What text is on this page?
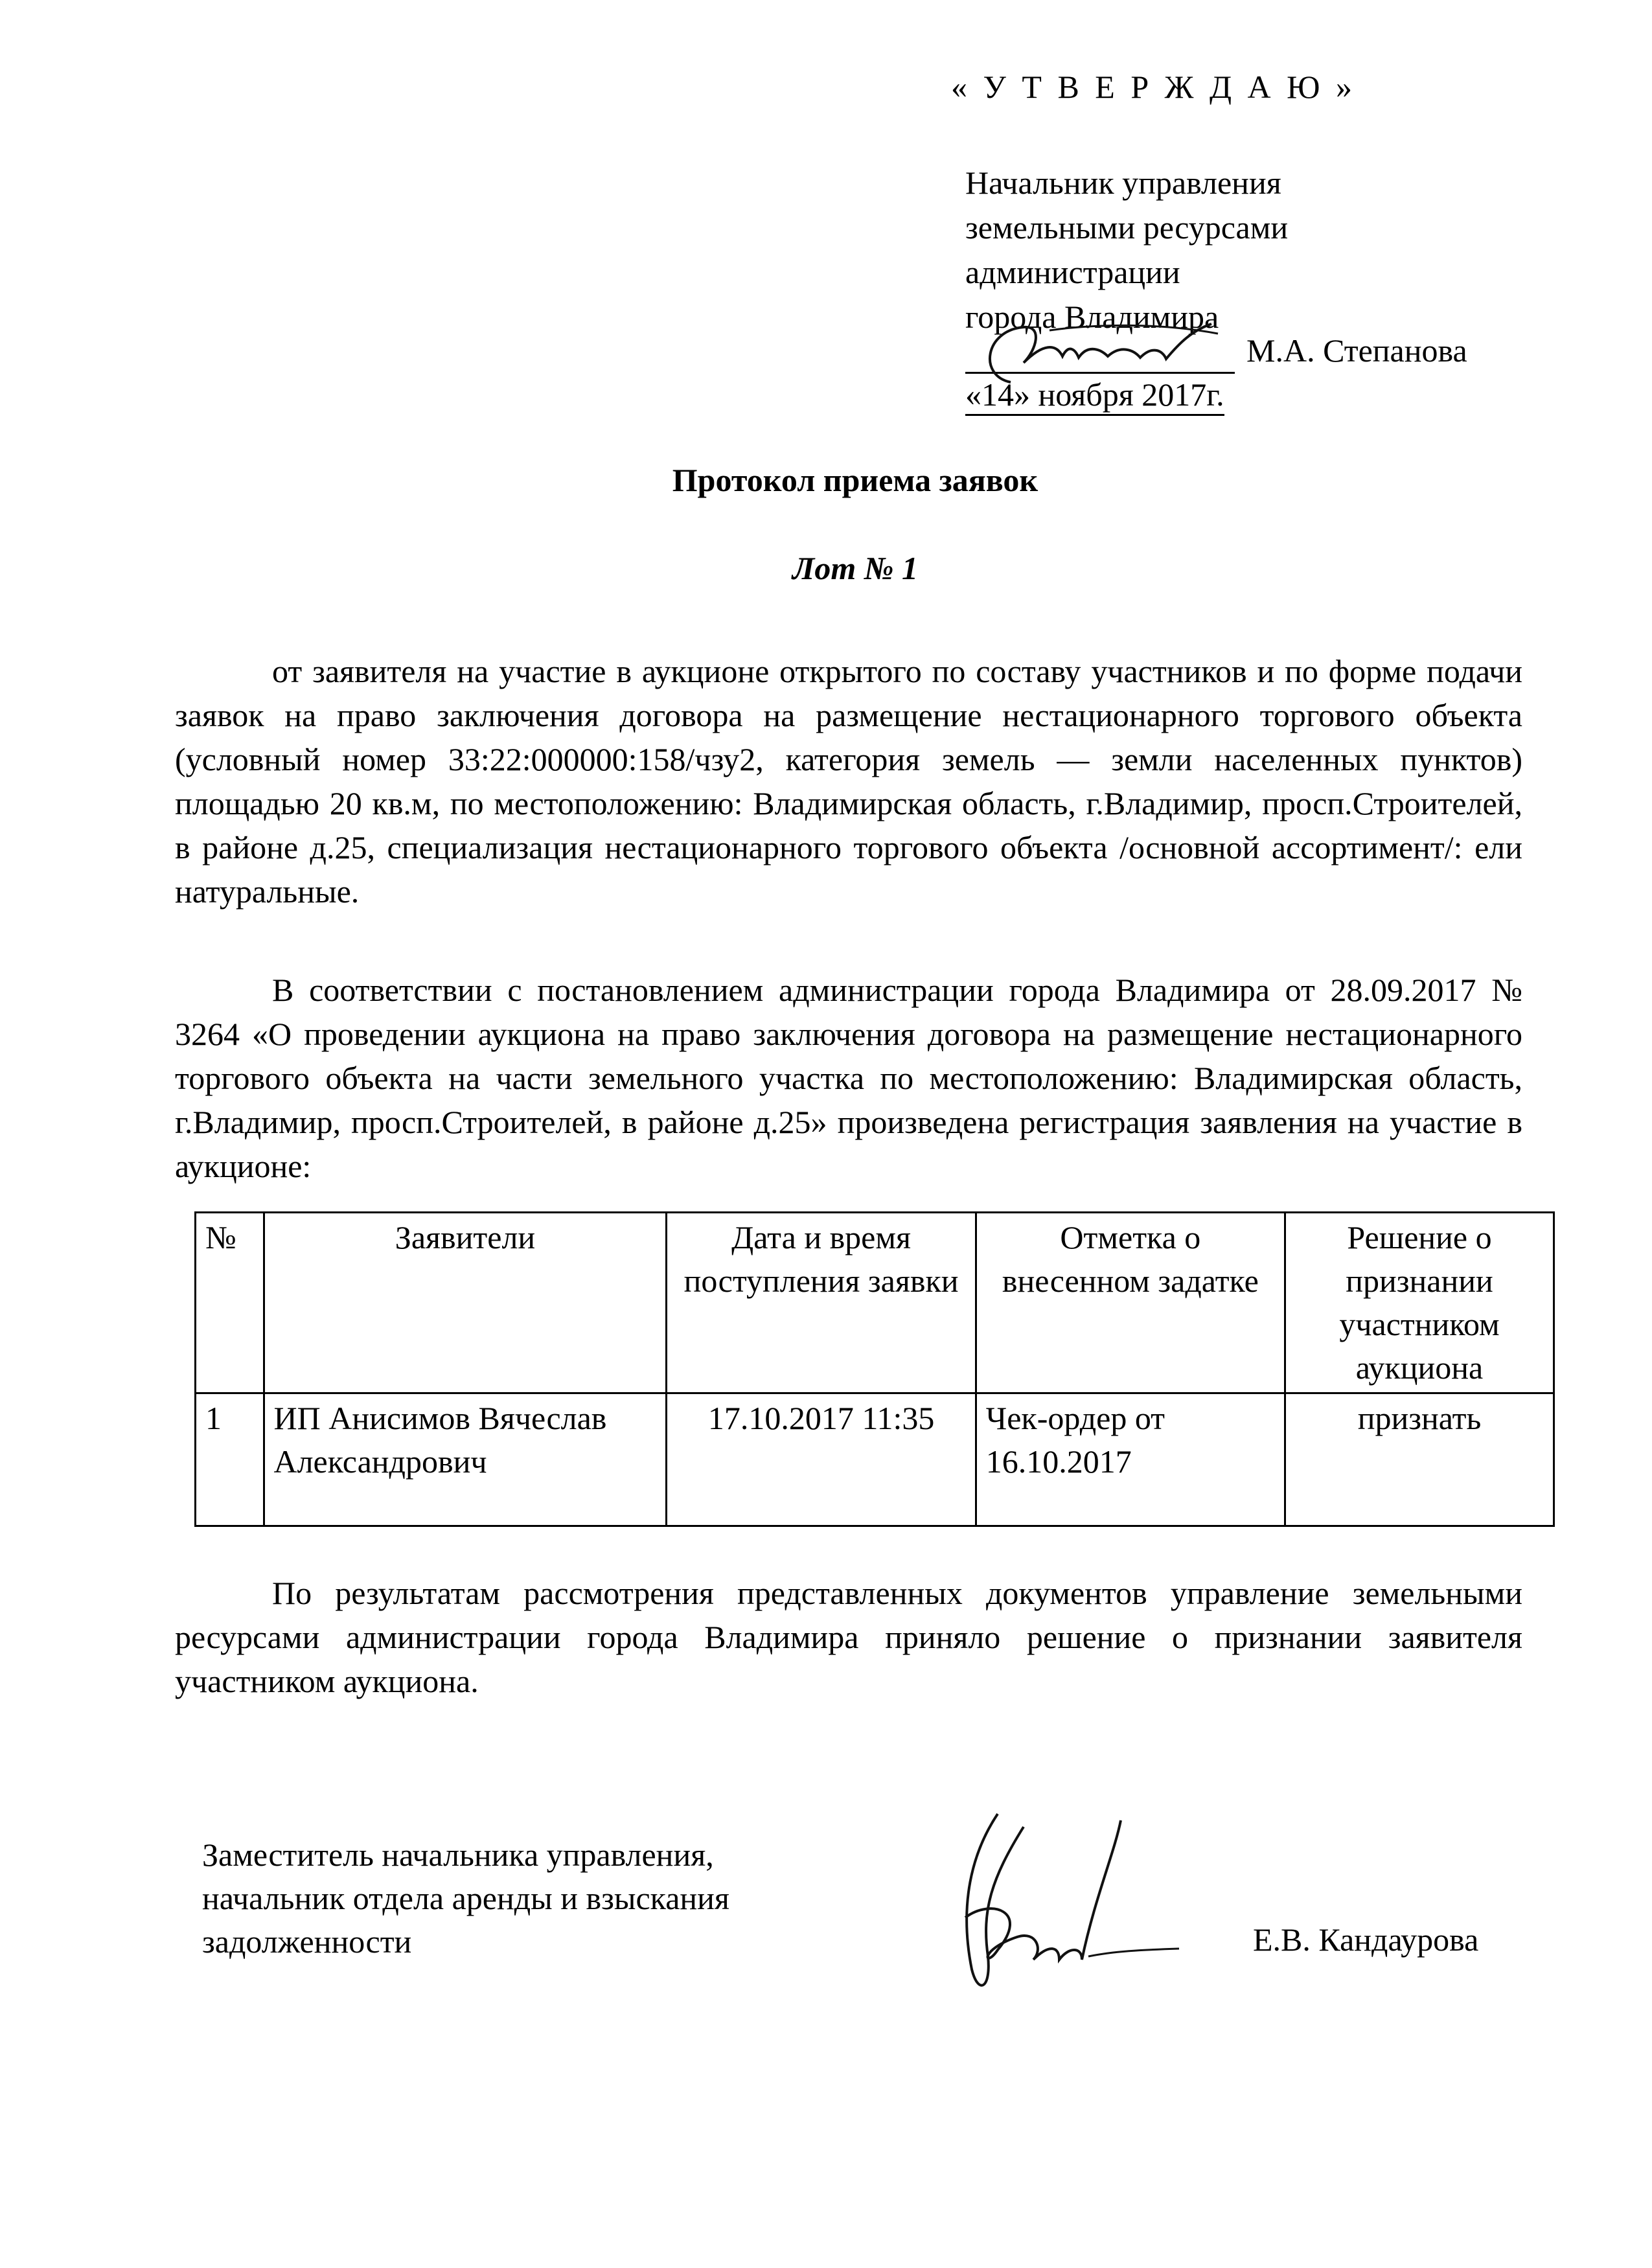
« У Т В Е Р Ж Д А Ю »
Начальник управления
земельными ресурсами
администрации
города Владимира
М.А. Степанова
«14» ноября 2017г.
Протокол приема заявок
Лот № 1
от заявителя на участие в аукционе открытого по составу участников и по форме подачи заявок на право заключения договора на размещение нестационарного торгового объекта (условный номер 33:22:000000:158/чзу2, категория земель — земли населенных пунктов) площадью 20 кв.м, по местоположению: Владимирская область, г.Владимир, просп.Строителей, в районе д.25, специализация нестационарного торгового объекта /основной ассортимент/: ели натуральные.
В соответствии с постановлением администрации города Владимира от 28.09.2017 № 3264 «О проведении аукциона на право заключения договора на размещение нестационарного торгового объекта на части земельного участка по местоположению: Владимирская область, г.Владимир, просп.Строителей, в районе д.25» произведена регистрация заявления на участие в аукционе:
№	Заявители	Дата и время поступления заявки	Отметка о внесенном задатке	Решение о признании участником аукциона
1	ИП Анисимов Вячеслав Александрович	17.10.2017 11:35	Чек-ордер от 16.10.2017	признать
По результатам рассмотрения представленных документов управление земельными ресурсами администрации города Владимира приняло решение о признании заявителя участником аукциона.
Заместитель начальника управления,
начальник отдела аренды и взыскания
задолженности	Е.В. Кандаурова
